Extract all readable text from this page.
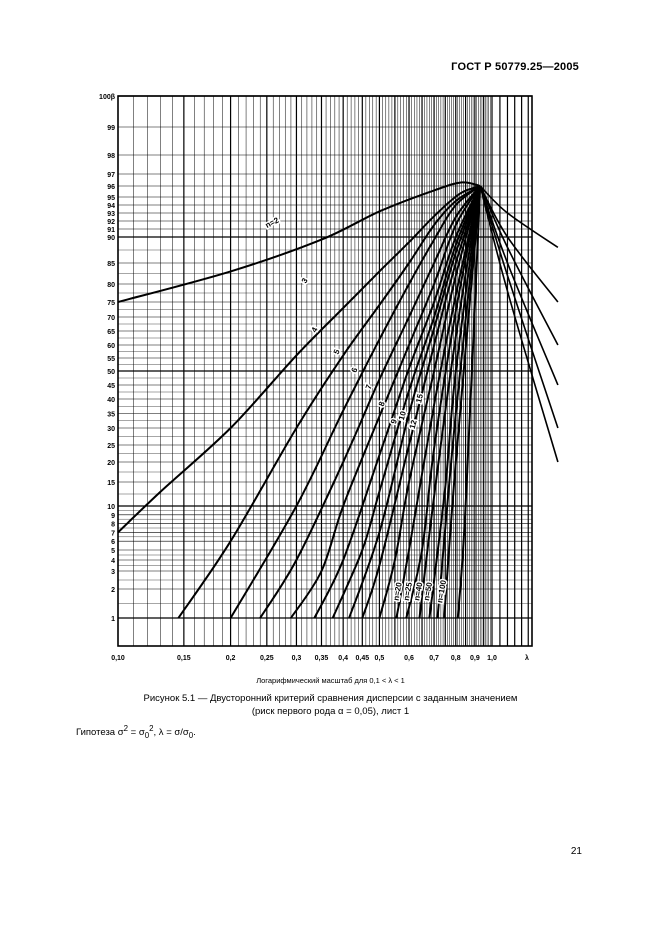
ГОСТ Р 50779.25—2005
n=2
3
4
5
6
7
8
9
10
12
15
n=20
n=25
n=40
n=50 n=100
0,10	0,15	0,2	0,25	0,3 0,35 0,4 0,45 0,5	0,6 0,7 0,8 0,9 1,0	λ
100β
99
98
97
96
95
94
93
92
91
90
85
80
75
70
65
60
55
50
45
40
35
30
25
20
15
10
9
8
7
6
5
4
3
2
1
Логарифмический масштаб для 0,1 < λ < 1
Рисунок 5.1 — Двусторонний критерий сравнения дисперсии с заданным значением
(риск первого рода α = 0,05), лист 1
Гипотеза $\sigma^2 = \sigma_0^2$, $\lambda = \sigma/\sigma_0$.
21
